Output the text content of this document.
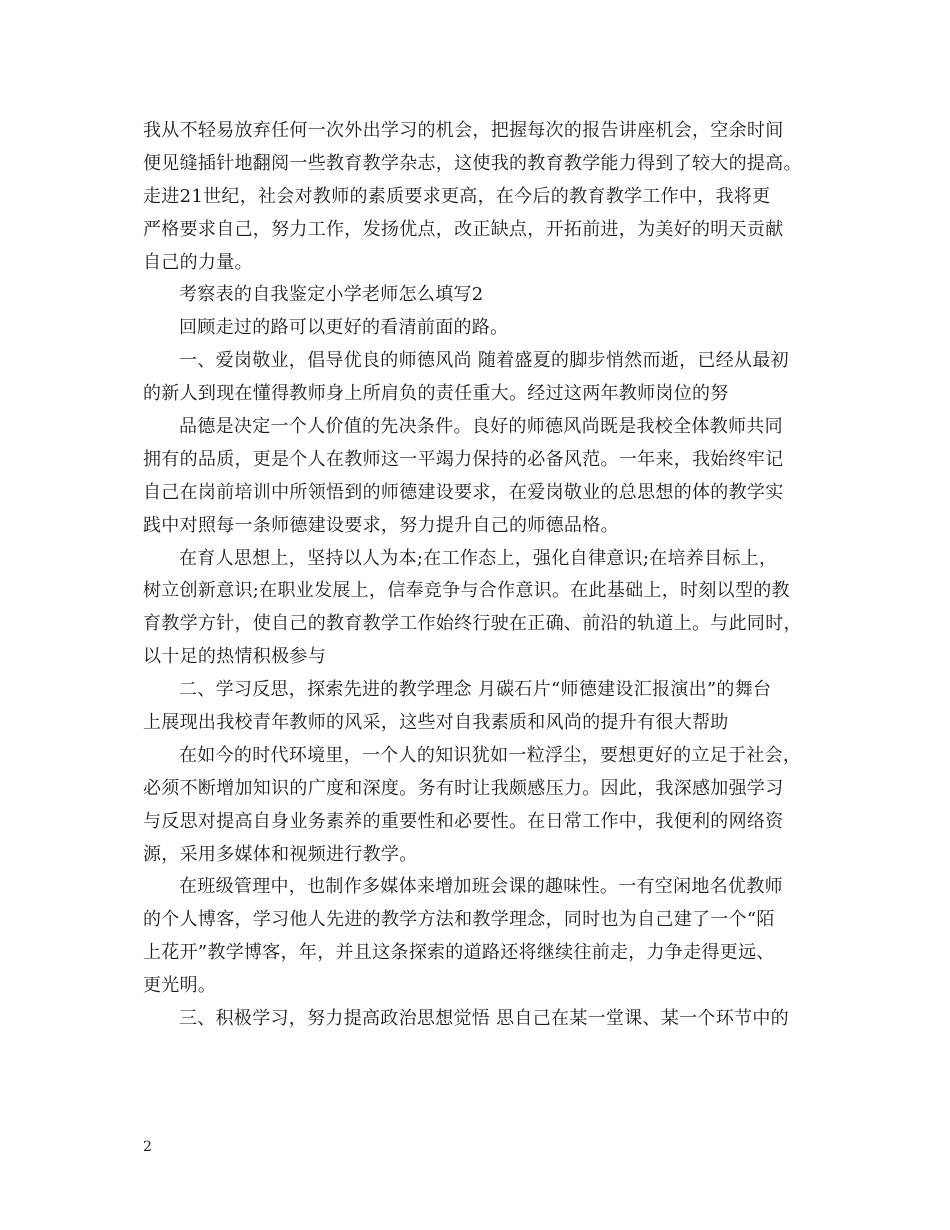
我从不轻易放弃任何一次外出学习的机会，把握每次的报告讲座机会，空余时间
便见缝插针地翻阅一些教育教学杂志，这使我的教育教学能力得到了较大的提高。
走进21世纪，社会对教师的素质要求更高，在今后的教育教学工作中，我将更
严格要求自己，努力工作，发扬优点，改正缺点，开拓前进，为美好的明天贡献
自己的力量。
考察表的自我鉴定小学老师怎么填写2
回顾走过的路可以更好的看清前面的路。
一、爱岗敬业，倡导优良的师德风尚 随着盛夏的脚步悄然而逝，已经从最初
的新人到现在懂得教师身上所肩负的责任重大。经过这两年教师岗位的努
品德是决定一个人价值的先决条件。良好的师德风尚既是我校全体教师共同
拥有的品质，更是个人在教师这一平竭力保持的必备风范。一年来，我始终牢记
自己在岗前培训中所领悟到的师德建设要求，在爱岗敬业的总思想的体的教学实
践中对照每一条师德建设要求，努力提升自己的师德品格。
在育人思想上，坚持以人为本;在工作态上，强化自律意识;在培养目标上，
树立创新意识;在职业发展上，信奉竞争与合作意识。在此基础上，时刻以型的教
育教学方针，使自己的教育教学工作始终行驶在正确、前沿的轨道上。与此同时，
以十足的热情积极参与
二、学习反思，探索先进的教学理念 月碳石片“师德建设汇报演出”的舞台
上展现出我校青年教师的风采，这些对自我素质和风尚的提升有很大帮助
在如今的时代环境里，一个人的知识犹如一粒浮尘，要想更好的立足于社会，
必须不断增加知识的广度和深度。务有时让我颇感压力。因此，我深感加强学习
与反思对提高自身业务素养的重要性和必要性。在日常工作中，我便利的网络资
源，采用多媒体和视频进行教学。
在班级管理中，也制作多媒体来增加班会课的趣味性。一有空闲地名优教师
的个人博客，学习他人先进的教学方法和教学理念，同时也为自己建了一个“陌
上花开”教学博客，年，并且这条探索的道路还将继续往前走，力争走得更远、
更光明。
三、积极学习，努力提高政治思想觉悟 思自己在某一堂课、某一个环节中的
2
